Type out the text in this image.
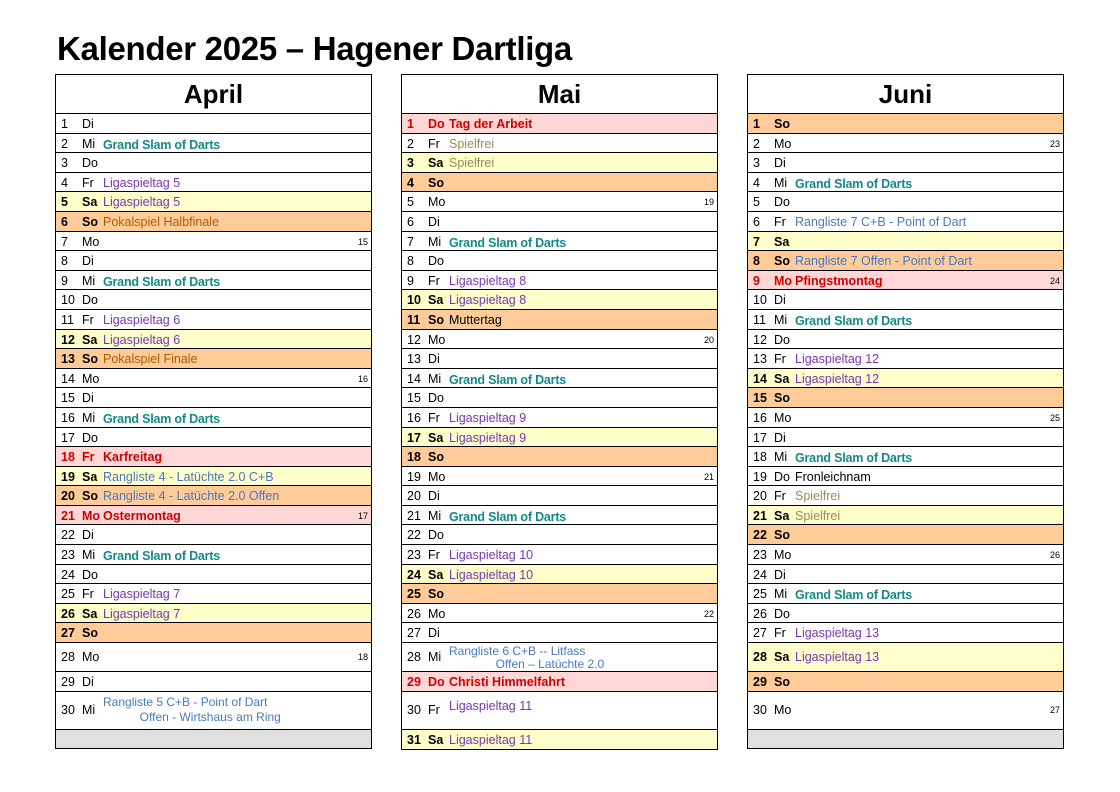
Kalender 2025 – Hagener Dartliga
April
1 Di
2 Mi Grand Slam of Darts
3 Do
4 Fr Ligaspieltag 5
5 Sa Ligaspieltag 5
6 So Pokalspiel Halbfinale
7 Mo	15
8 Di
9 Mi Grand Slam of Darts
10 Do
11 Fr Ligaspieltag 6
12 Sa Ligaspieltag 6
13 So Pokalspiel Finale
14 Mo	16
15 Di
16 Mi Grand Slam of Darts
17 Do
18 Fr Karfreitag
19 Sa Rangliste 4 - Latüchte 2.0 C+B
20 So Rangliste 4 - Latüchte 2.0 Offen
21 Mo Ostermontag	17
22 Di
23 Mi Grand Slam of Darts
24 Do
25 Fr Ligaspieltag 7
26 Sa Ligaspieltag 7
27 So
28 Mo	18
29 Di
30 Mi
Rangliste 5 C+B - Point of Dart
Offen - Wirtshaus am Ring
Mai
1 Do Tag der Arbeit
2 Fr Spielfrei
3 Sa Spielfrei
4 So
5 Mo	19
6 Di
7 Mi Grand Slam of Darts
8 Do
9 Fr Ligaspieltag 8
10 Sa Ligaspieltag 8
11 So Muttertag
12 Mo	20
13 Di
14 Mi Grand Slam of Darts
15 Do
16 Fr Ligaspieltag 9
17 Sa Ligaspieltag 9
18 So
19 Mo	21
20 Di
21 Mi Grand Slam of Darts
22 Do
23 Fr Ligaspieltag 10
24 Sa Ligaspieltag 10
25 So
26 Mo	22
27 Di
28 Mi Rangliste 6 C+B -- Litfass
Offen – Latüchte 2.0
29 Do Christi Himmelfahrt
30 Fr Ligaspieltag 11
31 Sa Ligaspieltag 11
Juni
1 So
2 Mo	23
3 Di
4 Mi Grand Slam of Darts
5 Do
6 Fr Rangliste 7 C+B - Point of Dart
7 Sa
8 So Rangliste 7 Offen - Point of Dart
9 Mo Pfingstmontag	24
10 Di
11 Mi Grand Slam of Darts
12 Do
13 Fr Ligaspieltag 12
14 Sa Ligaspieltag 12
15 So
16 Mo	25
17 Di
18 Mi Grand Slam of Darts
19 Do Fronleichnam
20 Fr Spielfrei
21 Sa Spielfrei
22 So
23 Mo	26
24 Di
25 Mi Grand Slam of Darts
26 Do
27 Fr Ligaspieltag 13
28 Sa Ligaspieltag 13
29 So
30 Mo	27
